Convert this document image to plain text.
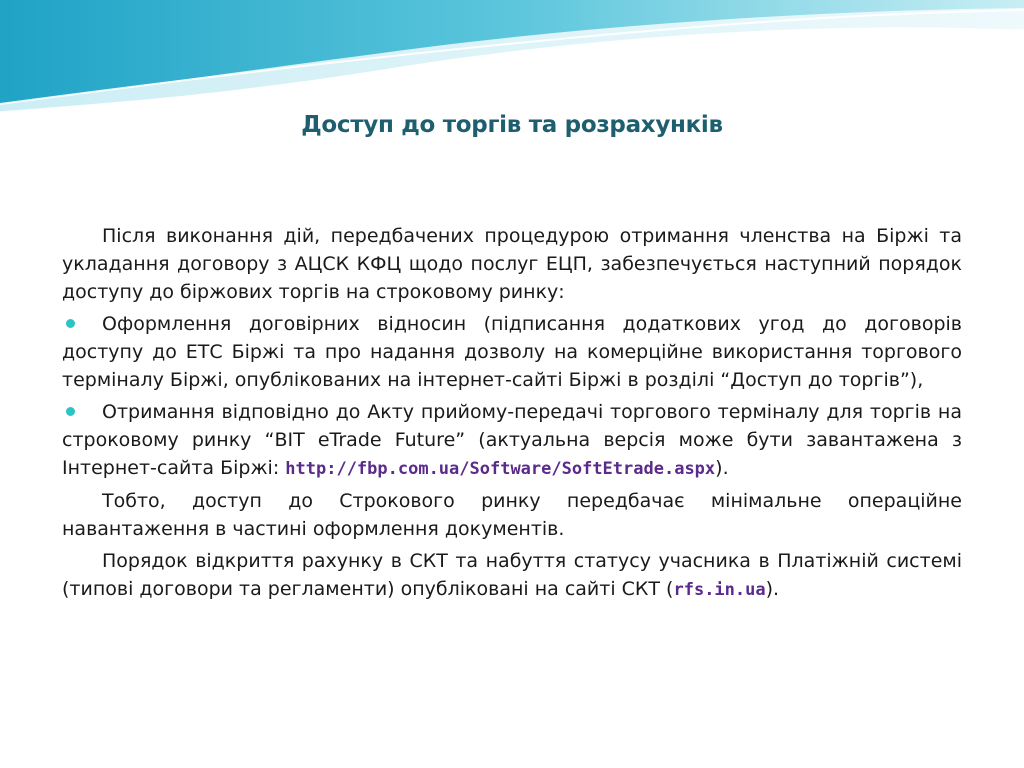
Доступ до торгів та розрахунків

Після виконання дій, передбачених процедурою отримання членства на Біржі та укладання договору з АЦСК КФЦ щодо послуг ЕЦП, забезпечується наступний порядок доступу до біржових торгів на строковому ринку:

Оформлення договірних відносин (підписання додаткових угод до договорів доступу до ЕТС Біржі та про надання дозволу на комерційне використання торгового терміналу Біржі, опублікованих на інтернет-сайті Біржі в розділі “Доступ до торгів”),

Отримання відповідно до Акту прийому-передачі торгового терміналу для торгів на строковому ринку “BIT eTrade Future” (актуальна версія може бути завантажена з Інтернет-сайта Біржі: http://fbp.com.ua/Software/SoftEtrade.aspx).

Тобто, доступ до Строкового ринку передбачає мінімальне операційне навантаження в частині оформлення документів.

Порядок відкриття рахунку в СКТ та набуття статусу учасника в Платіжній системі (типові договори та регламенти) опубліковані на сайті СКТ (rfs.in.ua).
